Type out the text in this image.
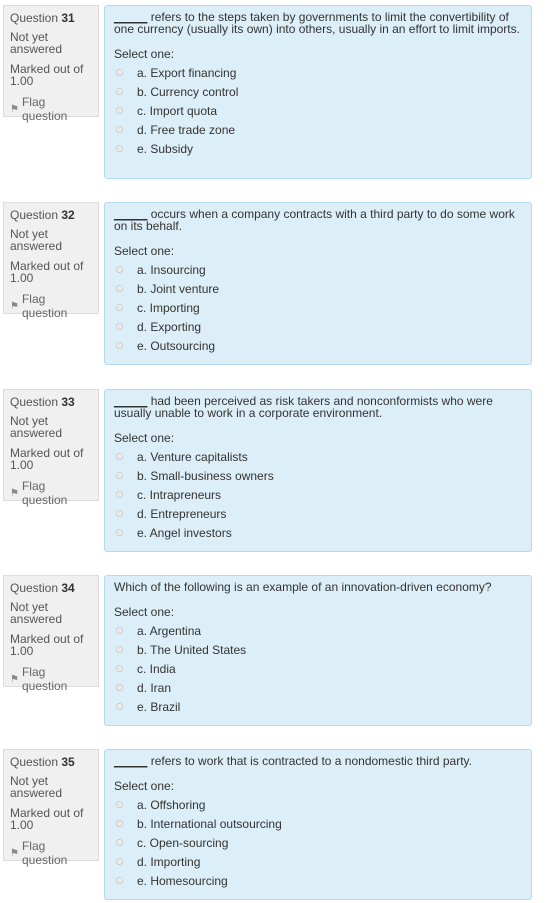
Question 31
Not yet answered
Marked out of 1.00
⚑ Flag question

_____ refers to the steps taken by governments to limit the convertibility of one currency (usually its own) into others, usually in an effort to limit imports.

Select one:
a. Export financing
b. Currency control
c. Import quota
d. Free trade zone
e. Subsidy
Question 32
Not yet answered
Marked out of 1.00
⚑ Flag question

_____ occurs when a company contracts with a third party to do some work on its behalf.

Select one:
a. Insourcing
b. Joint venture
c. Importing
d. Exporting
e. Outsourcing
Question 33
Not yet answered
Marked out of 1.00
⚑ Flag question

_____ had been perceived as risk takers and nonconformists who were usually unable to work in a corporate environment.

Select one:
a. Venture capitalists
b. Small-business owners
c. Intrapreneurs
d. Entrepreneurs
e. Angel investors
Question 34
Not yet answered
Marked out of 1.00
⚑ Flag question

Which of the following is an example of an innovation-driven economy?

Select one:
a. Argentina
b. The United States
c. India
d. Iran
e. Brazil
Question 35
Not yet answered
Marked out of 1.00
⚑ Flag question

_____ refers to work that is contracted to a nondomestic third party.

Select one:
a. Offshoring
b. International outsourcing
c. Open-sourcing
d. Importing
e. Homesourcing
